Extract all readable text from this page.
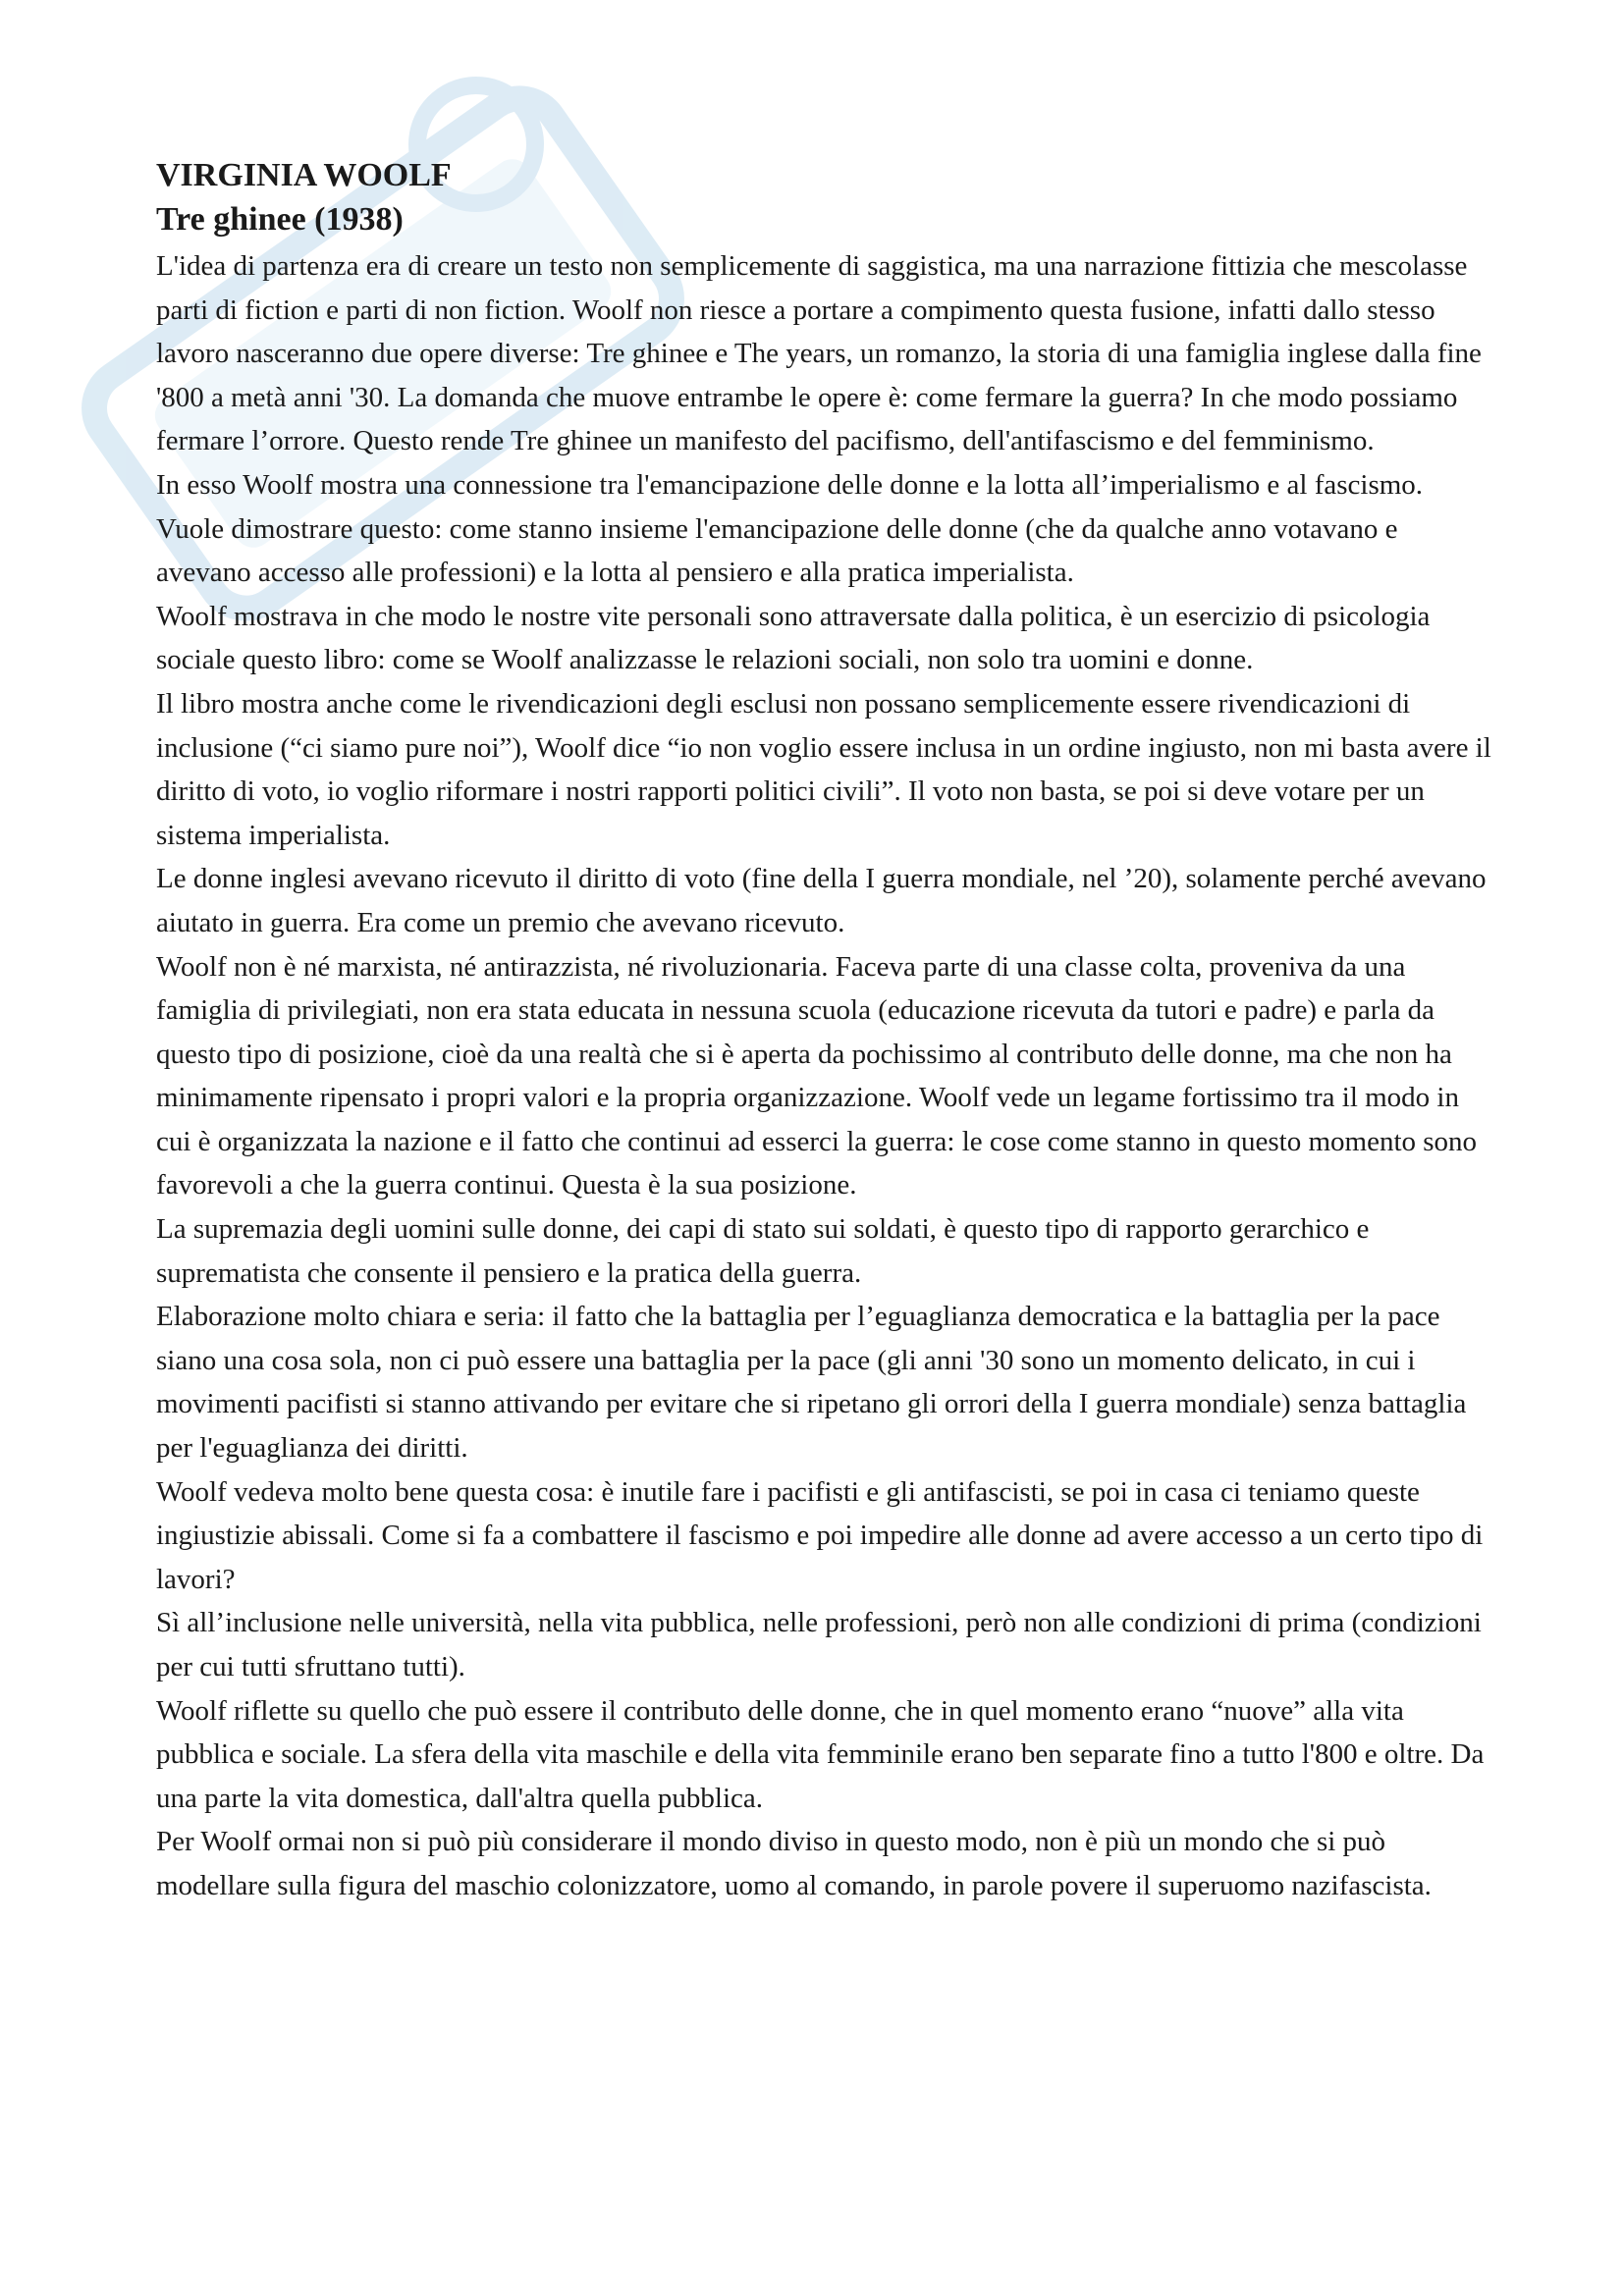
VIRGINIA WOOLF
Tre ghinee (1938)

L'idea di partenza era di creare un testo non semplicemente di saggistica, ma una narrazione fittizia che mescolasse parti di fiction e parti di non fiction. Woolf non riesce a portare a compimento questa fusione, infatti dallo stesso lavoro nasceranno due opere diverse: Tre ghinee e The years, un romanzo, la storia di una famiglia inglese dalla fine '800 a metà anni '30. La domanda che muove entrambe le opere è: come fermare la guerra? In che modo possiamo fermare l’orrore. Questo rende Tre ghinee un manifesto del pacifismo, dell'antifascismo e del femminismo.

In esso Woolf mostra una connessione tra l'emancipazione delle donne e la lotta all’imperialismo e al fascismo. Vuole dimostrare questo: come stanno insieme l'emancipazione delle donne (che da qualche anno votavano e avevano accesso alle professioni) e la lotta al pensiero e alla pratica imperialista.

Woolf mostrava in che modo le nostre vite personali sono attraversate dalla politica, è un esercizio di psicologia sociale questo libro: come se Woolf analizzasse le relazioni sociali, non solo tra uomini e donne.

Il libro mostra anche come le rivendicazioni degli esclusi non possano semplicemente essere rivendicazioni di inclusione (“ci siamo pure noi”), Woolf dice “io non voglio essere inclusa in un ordine ingiusto, non mi basta avere il diritto di voto, io voglio riformare i nostri rapporti politici civili”. Il voto non basta, se poi si deve votare per un sistema imperialista.

Le donne inglesi avevano ricevuto il diritto di voto (fine della I guerra mondiale, nel ’20), solamente perché avevano aiutato in guerra. Era come un premio che avevano ricevuto.

Woolf non è né marxista, né antirazzista, né rivoluzionaria. Faceva parte di una classe colta, proveniva da una famiglia di privilegiati, non era stata educata in nessuna scuola (educazione ricevuta da tutori e padre) e parla da questo tipo di posizione, cioè da una realtà che si è aperta da pochissimo al contributo delle donne, ma che non ha minimamente ripensato i propri valori e la propria organizzazione. Woolf vede un legame fortissimo tra il modo in cui è organizzata la nazione e il fatto che continui ad esserci la guerra: le cose come stanno in questo momento sono favorevoli a che la guerra continui. Questa è la sua posizione.

La supremazia degli uomini sulle donne, dei capi di stato sui soldati, è questo tipo di rapporto gerarchico e suprematista che consente il pensiero e la pratica della guerra.

Elaborazione molto chiara e seria: il fatto che la battaglia per l’eguaglianza democratica e la battaglia per la pace siano una cosa sola, non ci può essere una battaglia per la pace (gli anni '30 sono un momento delicato, in cui i movimenti pacifisti si stanno attivando per evitare che si ripetano gli orrori della I guerra mondiale) senza battaglia per l'eguaglianza dei diritti.

Woolf vedeva molto bene questa cosa: è inutile fare i pacifisti e gli antifascisti, se poi in casa ci teniamo queste ingiustizie abissali. Come si fa a combattere il fascismo e poi impedire alle donne ad avere accesso a un certo tipo di lavori?

Sì all’inclusione nelle università, nella vita pubblica, nelle professioni, però non alle condizioni di prima (condizioni per cui tutti sfruttano tutti).

Woolf riflette su quello che può essere il contributo delle donne, che in quel momento erano “nuove” alla vita pubblica e sociale. La sfera della vita maschile e della vita femminile erano ben separate fino a tutto l'800 e oltre. Da una parte la vita domestica, dall'altra quella pubblica.

Per Woolf ormai non si può più considerare il mondo diviso in questo modo, non è più un mondo che si può modellare sulla figura del maschio colonizzatore, uomo al comando, in parole povere il superuomo nazifascista.
